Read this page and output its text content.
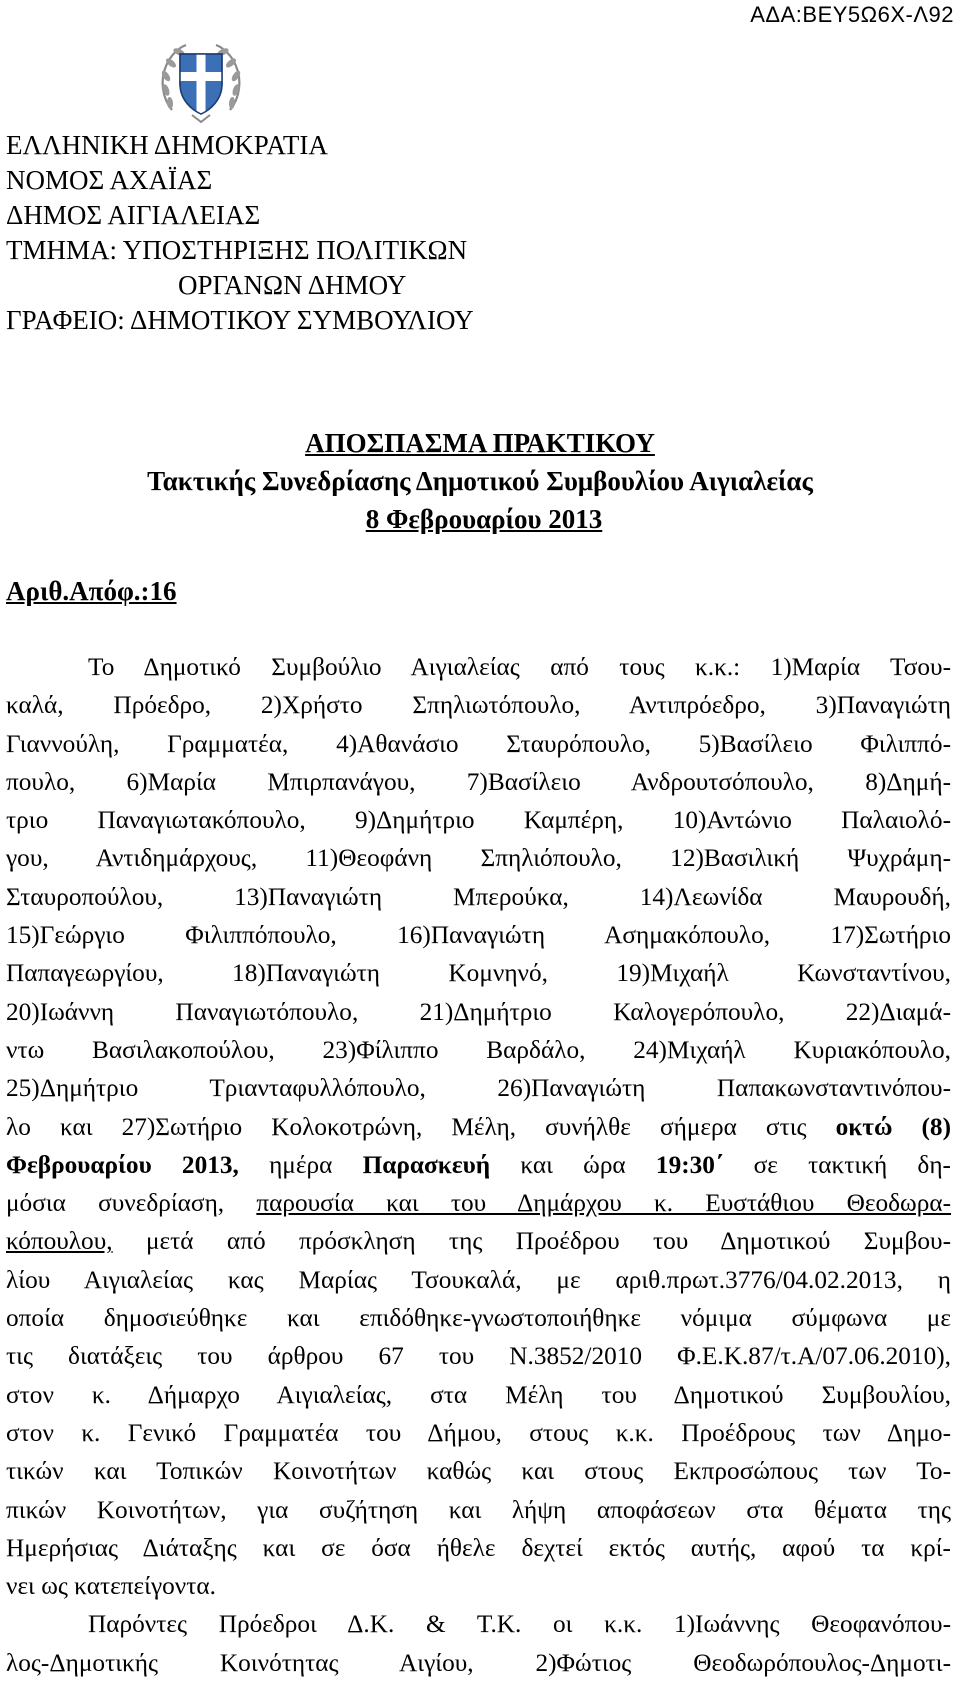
ΑΔΑ:ΒΕΥ5Ω6Χ-Λ92
ΕΛΛΗΝΙΚΗ ΔΗΜΟΚΡΑΤΙΑ
ΝΟΜΟΣ ΑΧΑΪΑΣ
ΔΗΜΟΣ ΑΙΓΙΑΛΕΙΑΣ
ΤΜΗΜΑ: ΥΠΟΣΤΗΡΙΞΗΣ ΠΟΛΙΤΙΚΩΝ
ΟΡΓΑΝΩΝ ΔΗΜΟΥ
ΓΡΑΦΕΙΟ: ΔΗΜΟΤΙΚΟΥ ΣΥΜΒΟΥΛΙΟΥ
ΑΠΟΣΠΑΣΜΑ ΠΡΑΚΤΙΚΟΥ
Τακτικής Συνεδρίασης Δημοτικού Συμβουλίου Αιγιαλείας
8 Φεβρουαρίου 2013
Αριθ.Απόφ.:16
Το Δημοτικό Συμβούλιο Αιγιαλείας από τους κ.κ.: 1)Μαρία Τσου-
καλά, Πρόεδρο, 2)Χρήστο Σπηλιωτόπουλο, Αντιπρόεδρο, 3)Παναγιώτη
Γιαννούλη, Γραμματέα, 4)Αθανάσιο Σταυρόπουλο, 5)Βασίλειο Φιλιππό-
πουλο, 6)Μαρία Μπιρπανάγου, 7)Βασίλειο Ανδρουτσόπουλο, 8)Δημή-
τριο Παναγιωτακόπουλο, 9)Δημήτριο Καμπέρη, 10)Αντώνιο Παλαιολό-
γου, Αντιδημάρχους, 11)Θεοφάνη Σπηλιόπουλο, 12)Βασιλική Ψυχράμη-
Σταυροπούλου, 13)Παναγιώτη Μπερούκα, 14)Λεωνίδα Μαυρουδή,
15)Γεώργιο Φιλιππόπουλο, 16)Παναγιώτη Ασημακόπουλο, 17)Σωτήριο
Παπαγεωργίου, 18)Παναγιώτη Κομνηνό, 19)Μιχαήλ Κωνσταντίνου,
20)Ιωάννη Παναγιωτόπουλο, 21)Δημήτριο Καλογερόπουλο, 22)Διαμά-
ντω Βασιλακοπούλου, 23)Φίλιππο Βαρδάλο, 24)Μιχαήλ Κυριακόπουλο,
25)Δημήτριο Τριανταφυλλόπουλο, 26)Παναγιώτη Παπακωνσταντινόπου-
λο και 27)Σωτήριο Κολοκοτρώνη, Μέλη, συνήλθε σήμερα στις οκτώ (8)
Φεβρουαρίου 2013, ημέρα Παρασκευή και ώρα 19:30΄ σε τακτική δη-
μόσια συνεδρίαση, παρουσία και του Δημάρχου κ. Ευστάθιου Θεοδωρα-
κόπουλου, μετά από πρόσκληση της Προέδρου του Δημοτικού Συμβου-
λίου Αιγιαλείας κας Μαρίας Τσουκαλά, με αριθ.πρωτ.3776/04.02.2013, η
οποία δημοσιεύθηκε και επιδόθηκε-γνωστοποιήθηκε νόμιμα σύμφωνα με
τις διατάξεις του άρθρου 67 του Ν.3852/2010 Φ.Ε.Κ.87/τ.Α/07.06.2010),
στον κ. Δήμαρχο Αιγιαλείας, στα Μέλη του Δημοτικού Συμβουλίου,
στον κ. Γενικό Γραμματέα του Δήμου, στους κ.κ. Προέδρους των Δημο-
τικών και Τοπικών Κοινοτήτων καθώς και στους Εκπροσώπους των Το-
πικών Κοινοτήτων, για συζήτηση και λήψη αποφάσεων στα θέματα της
Ημερήσιας Διάταξης και σε όσα ήθελε δεχτεί εκτός αυτής, αφού τα κρί-
νει ως κατεπείγοντα.
Παρόντες Πρόεδροι Δ.Κ. & Τ.Κ. οι κ.κ. 1)Ιωάννης Θεοφανόπου-
λος-Δημοτικής Κοινότητας Αιγίου, 2)Φώτιος Θεοδωρόπουλος-Δημοτι-
